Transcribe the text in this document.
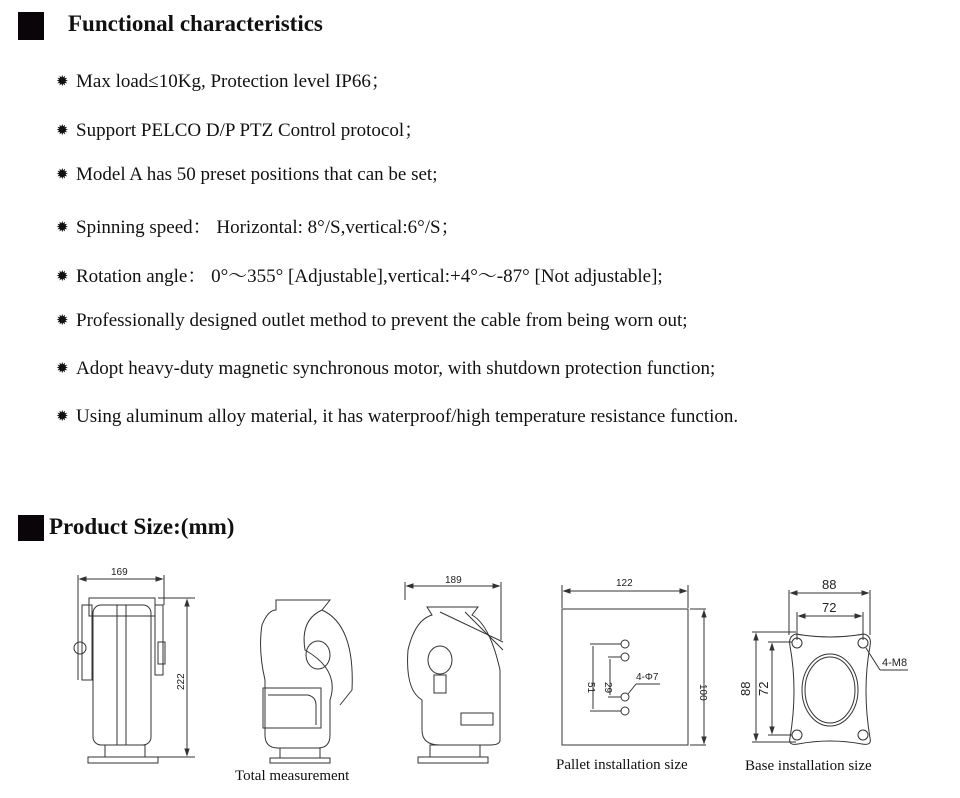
Functional characteristics
✹ Max load≤10Kg, Protection level IP66；
✹ Support PELCO D/P PTZ Control protocol；
✹ Model A has 50 preset positions that can be set;
✹ Spinning speed： Horizontal: 8°/S,vertical:6°/S；
✹ Rotation angle： 0°～355° [Adjustable],vertical:+4°～-87° [Not adjustable];
✹ Professionally designed outlet method to prevent the cable from being worn out;
✹ Adopt heavy-duty magnetic synchronous motor, with shutdown protection function;
✹ Using aluminum alloy material, it has waterproof/high temperature resistance function.
Product Size:(mm)
169
222
189	122
100
51 29
4-Φ7
88
72
88 72
4-M8
Total measurement
Pallet installation size	Base installation size
